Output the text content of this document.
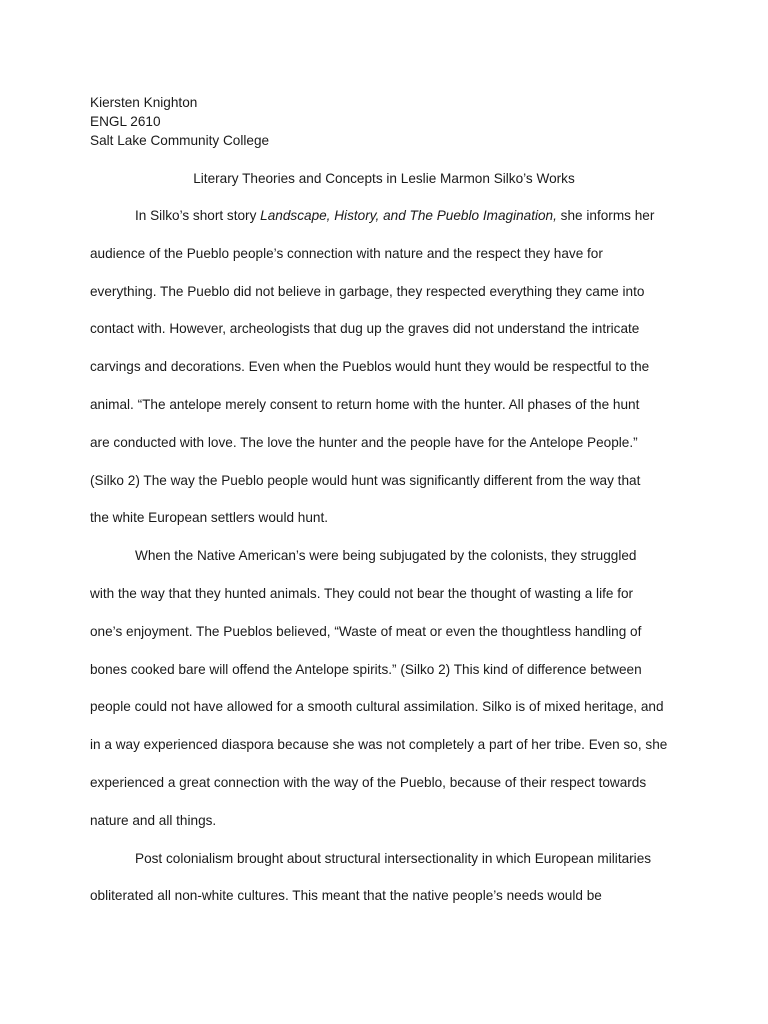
Kiersten Knighton
ENGL 2610
Salt Lake Community College
Literary Theories and Concepts in Leslie Marmon Silko’s Works
In Silko’s short story Landscape, History, and The Pueblo Imagination, she informs her
audience of the Pueblo people’s connection with nature and the respect they have for
everything. The Pueblo did not believe in garbage, they respected everything they came into
contact with. However, archeologists that dug up the graves did not understand the intricate
carvings and decorations. Even when the Pueblos would hunt they would be respectful to the
animal. “The antelope merely consent to return home with the hunter. All phases of the hunt
are conducted with love. The love the hunter and the people have for the Antelope People.”
(Silko 2) The way the Pueblo people would hunt was significantly different from the way that
the white European settlers would hunt.
When the Native American’s were being subjugated by the colonists, they struggled
with the way that they hunted animals. They could not bear the thought of wasting a life for
one’s enjoyment. The Pueblos believed, “Waste of meat or even the thoughtless handling of
bones cooked bare will offend the Antelope spirits.” (Silko 2) This kind of difference between
people could not have allowed for a smooth cultural assimilation. Silko is of mixed heritage, and
in a way experienced diaspora because she was not completely a part of her tribe. Even so, she
experienced a great connection with the way of the Pueblo, because of their respect towards
nature and all things.
Post colonialism brought about structural intersectionality in which European militaries
obliterated all non-white cultures. This meant that the native people’s needs would be
